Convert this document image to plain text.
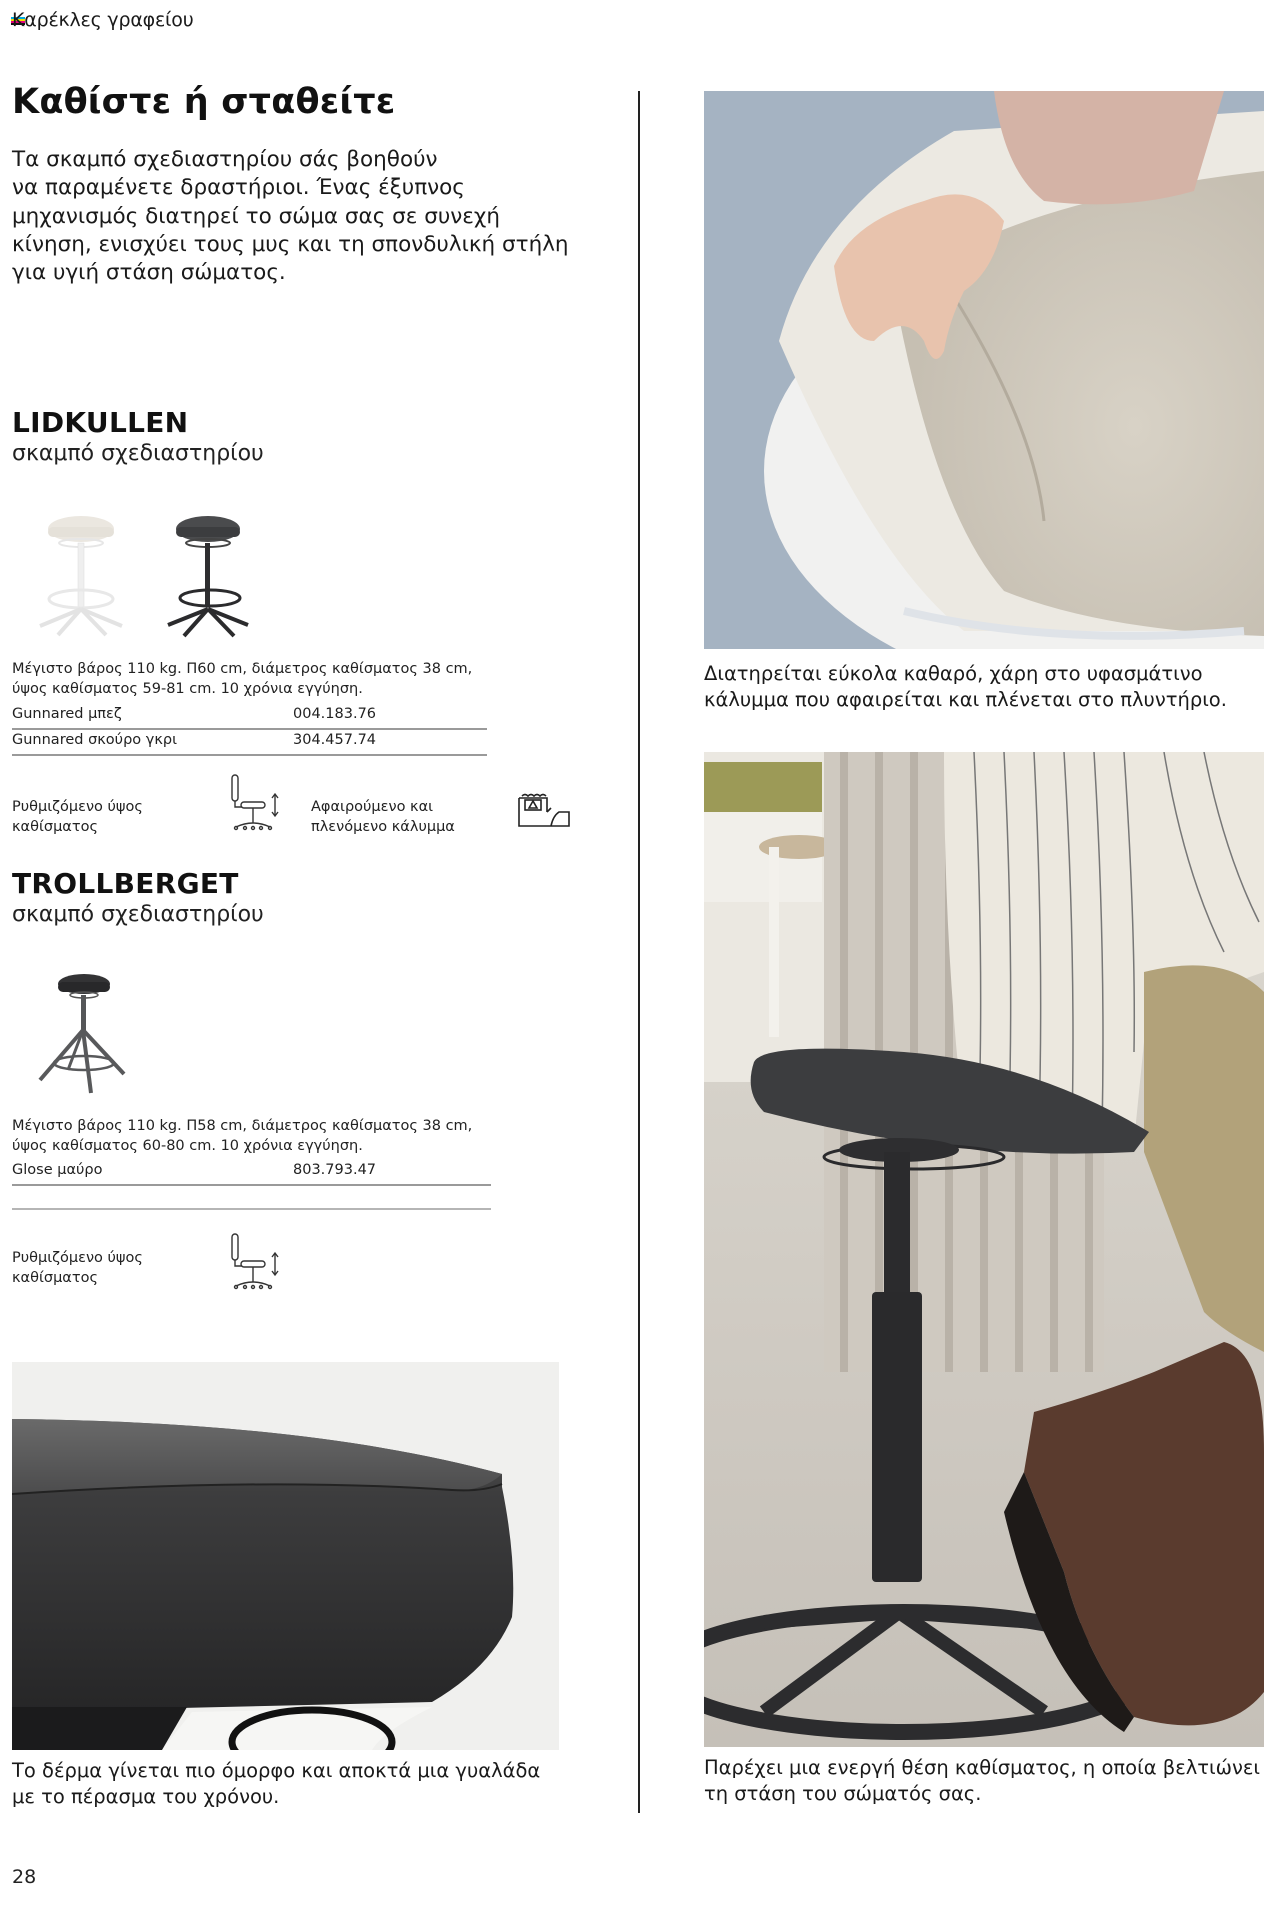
Καρέκλες γραφείου
Καθίστε ή σταθείτε
Τα σκαμπό σχεδιαστηρίου σάς βοηθούν
να παραμένετε δραστήριοι. Ένας έξυπνος
μηχανισμός διατηρεί το σώμα σας σε συνεχή
κίνηση, ενισχύει τους μυς και τη σπονδυλική στήλη
για υγιή στάση σώματος.
LIDKULLEN
σκαμπό σχεδιαστηρίου
Μέγιστο βάρος 110 kg. Π60 cm, διάμετρος καθίσματος 38 cm,
ύψος καθίσματος 59-81 cm. 10 χρόνια εγγύηση.
Gunnared μπεζ	004.183.76
Gunnared σκούρο γκρι	304.457.74
Ρυθμιζόμενο ύψος
καθίσματος
Αφαιρούμενο και
πλενόμενο κάλυμμα
TROLLBERGET
σκαμπό σχεδιαστηρίου
Μέγιστο βάρος 110 kg. Π58 cm, διάμετρος καθίσματος 38 cm,
ύψος καθίσματος 60-80 cm. 10 χρόνια εγγύηση.
Glose μαύρο	803.793.47
Ρυθμιζόμενο ύψος
καθίσματος
Το δέρμα γίνεται πιο όμορφο και αποκτά μια γυαλάδα
με το πέρασμα του χρόνου.
Διατηρείται εύκολα καθαρό, χάρη στο υφασμάτινο
κάλυμμα που αφαιρείται και πλένεται στο πλυντήριο.
Παρέχει μια ενεργή θέση καθίσματος, η οποία βελτιώνει
τη στάση του σώματός σας.
28
